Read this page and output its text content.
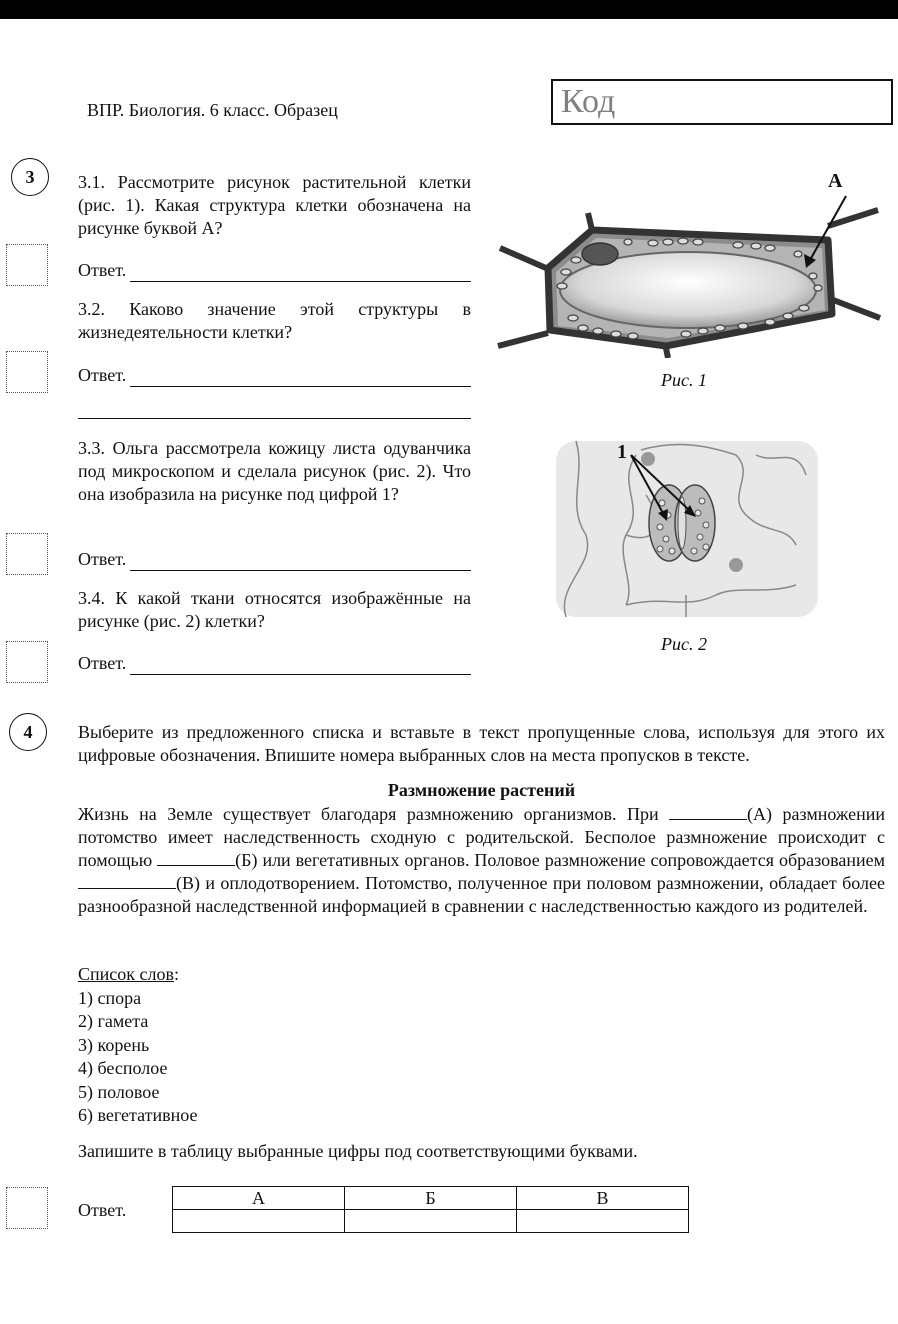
ВПР. Биология. 6 класс. Образец	Код
3 3.1. Рассмотрите рисунок растительной клетки (рис. 1). Какая структура клетки обозначена на рисунке буквой А?
Ответ.
3.2. Каково значение этой структуры в жизнедеятельности клетки?
Ответ.
3.3. Ольга рассмотрела кожицу листа одуванчика под микроскопом и сделала рисунок (рис. 2). Что она изобразила на рисунке под цифрой 1?
Ответ.
3.4. К какой ткани относятся изображённые на рисунке (рис. 2) клетки?
Ответ.
А
Рис. 1
1
Рис. 2
4	Выберите из предложенного списка и вставьте в текст пропущенные слова, используя для этого их цифровые обозначения. Впишите номера выбранных слов на места пропусков в тексте.
Размножение растений
Жизнь на Земле существует благодаря размножению организмов. При	(А) размножении потомство имеет наследственность сходную с родительской. Бесполое размножение происходит с помощью	(Б) или вегетативных органов. Половое размножение сопровождается образованием (В) и оплодотворением. Потомство, полученное при половом размножении, обладает более разнообразной наследственной информацией в сравнении с наследственностью каждого из родителей.
Список слов:
1) спора
2) гамета
3) корень
4) бесполое
5) половое
6) вегетативное
Запишите в таблицу выбранные цифры под соответствующими буквами.
Ответ.
А	Б	В
